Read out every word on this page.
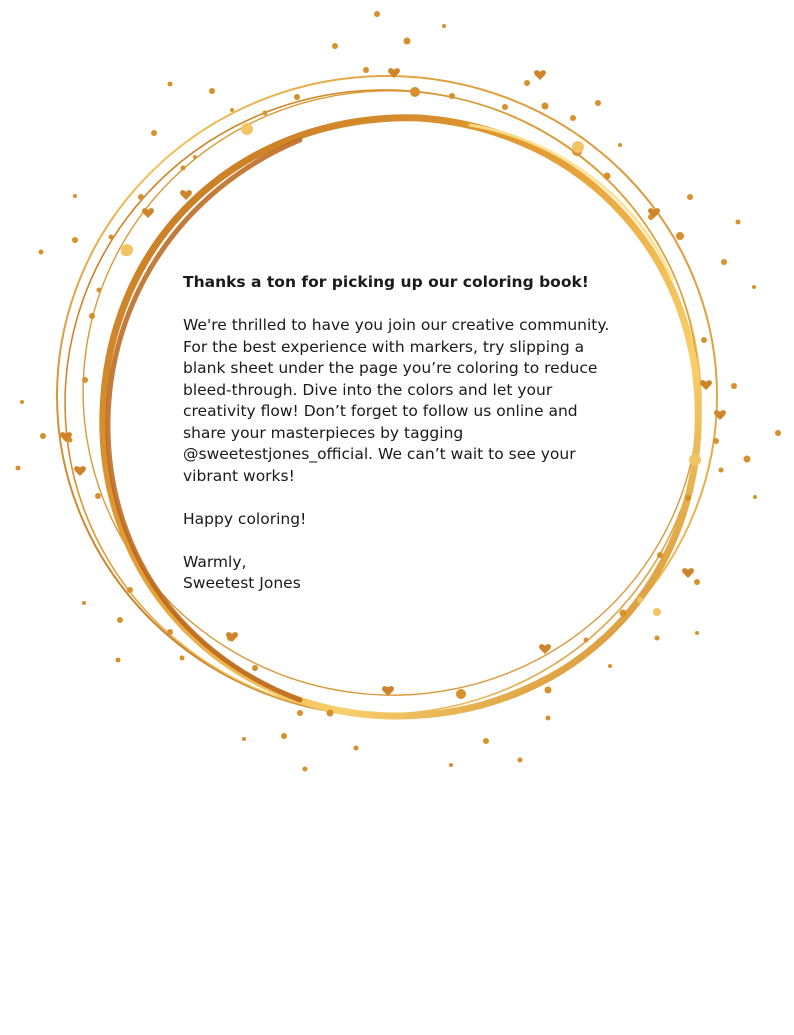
Thanks a ton for picking up our coloring book!

We're thrilled to have you join our creative community. For the best experience with markers, try slipping a blank sheet under the page you’re coloring to reduce bleed-through. Dive into the colors and let your creativity flow! Don’t forget to follow us online and share your masterpieces by tagging @sweetestjones_official. We can’t wait to see your vibrant works!

Happy coloring!

Warmly,

Sweetest Jones
